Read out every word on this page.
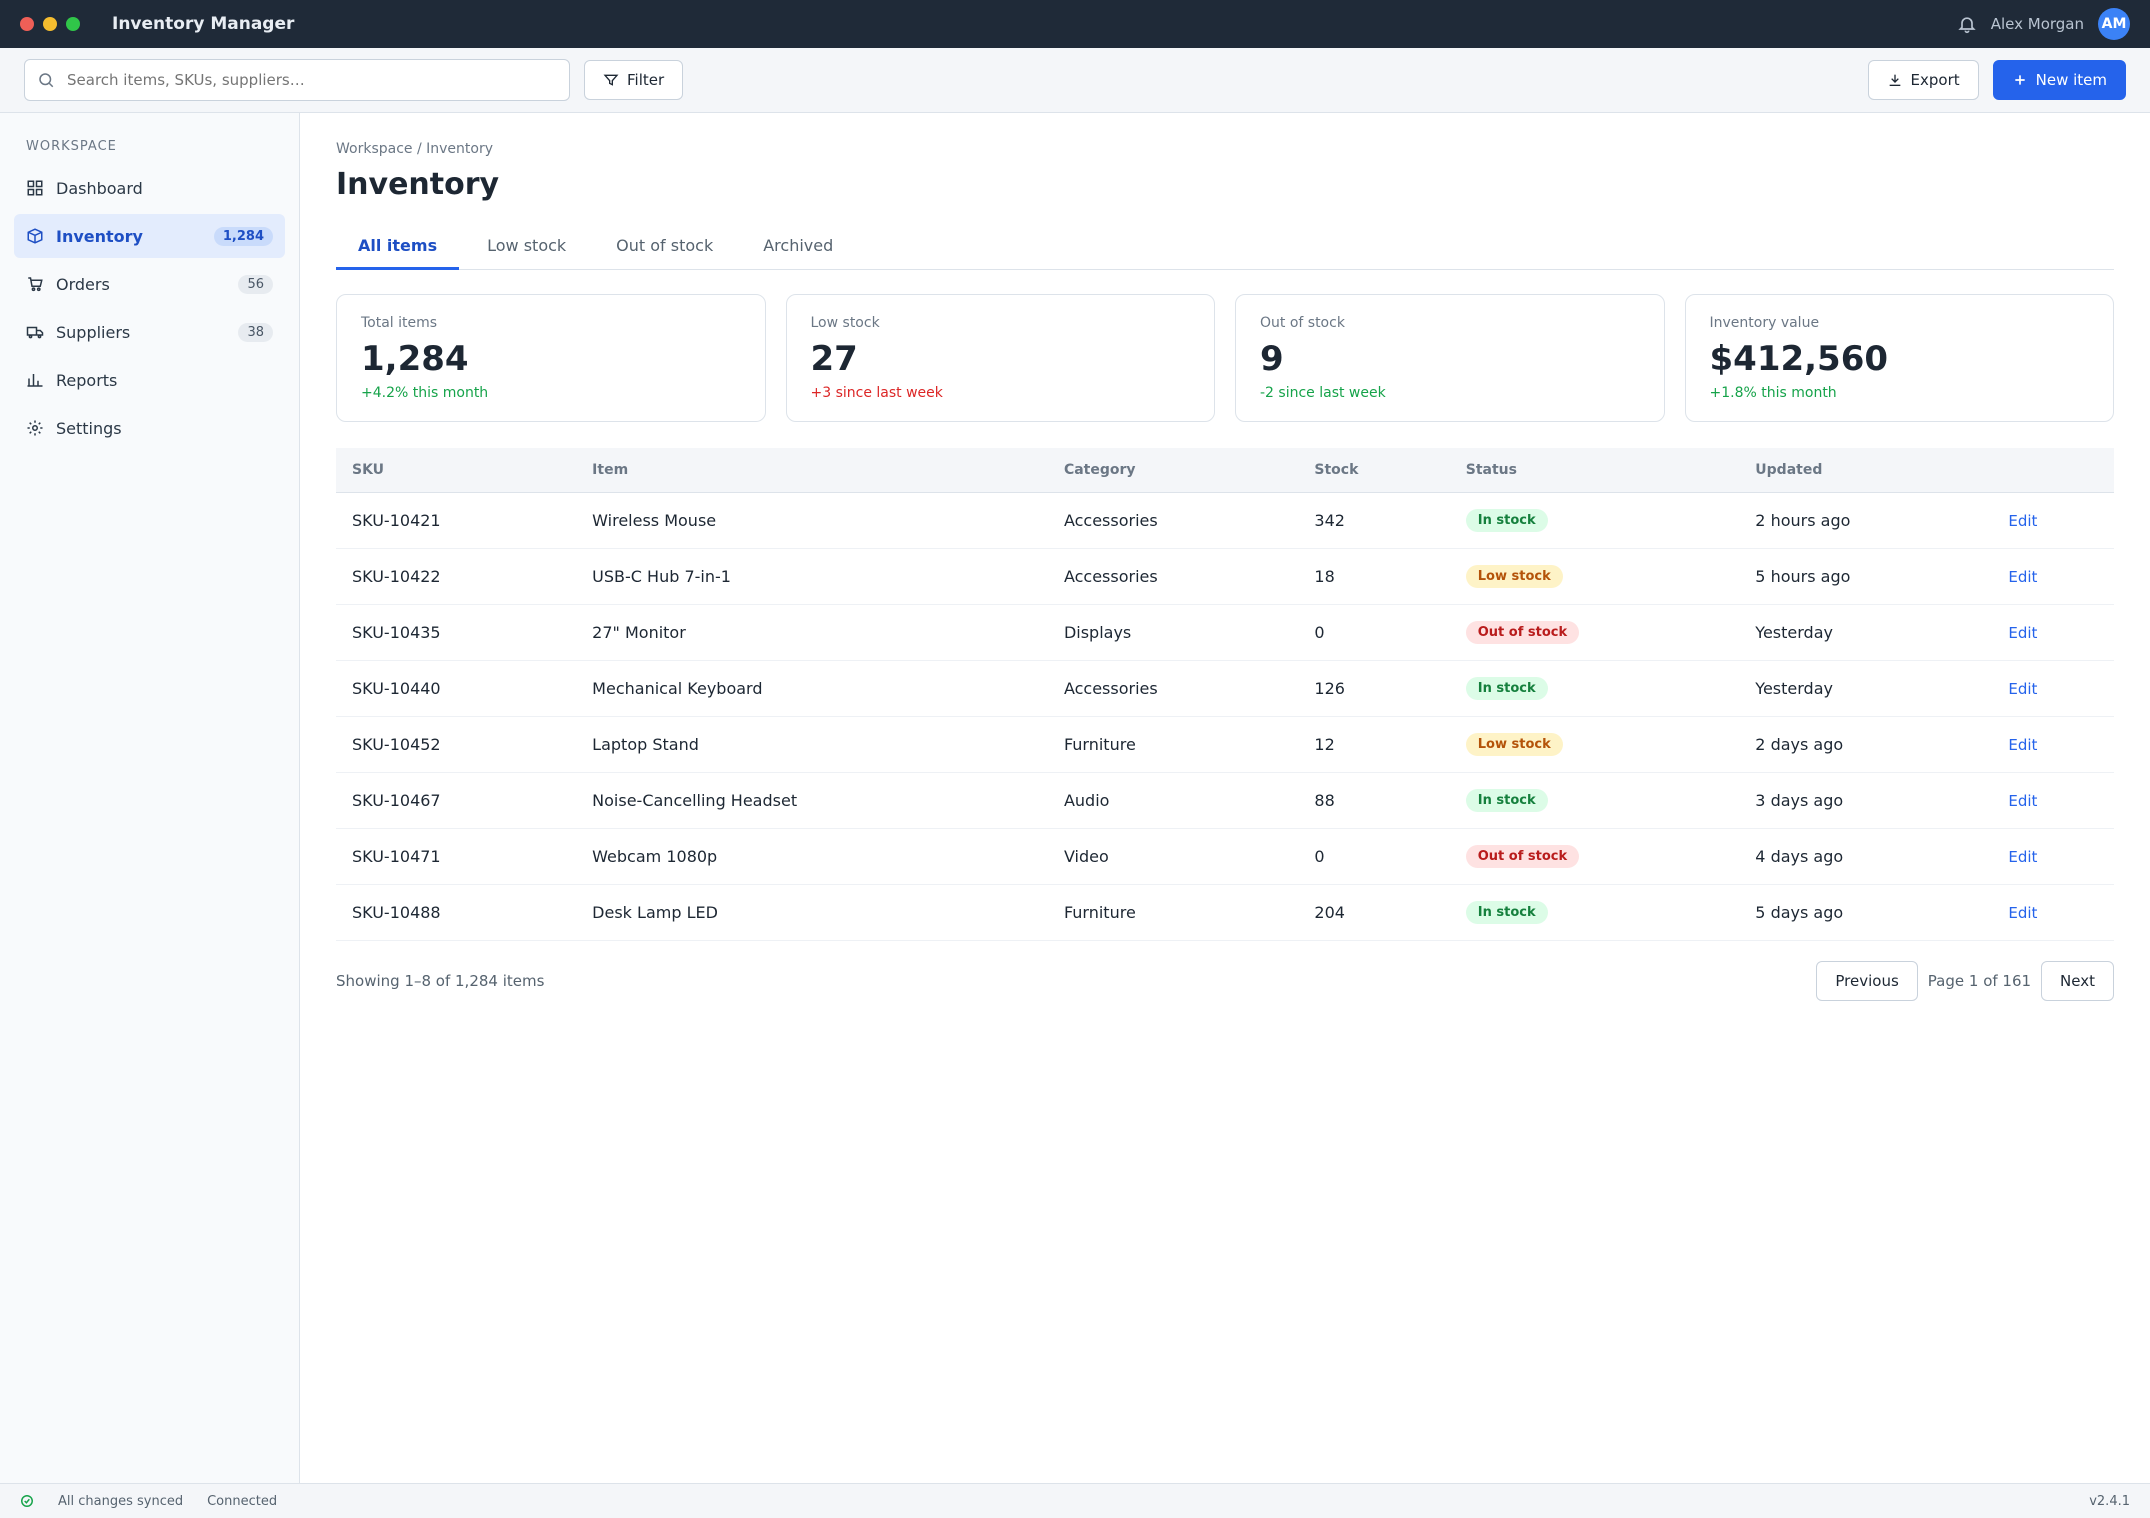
Inventory Manager	Alex Morgan AM
Search items, SKUs, suppliers…
Filter	Export	New item
WORKSPACE
Dashboard
Inventory	1,284
Orders	56
Suppliers	38
Reports
Settings
Workspace / Inventory
Inventory
All items	Low stock	Out of stock	Archived
Total items
1,284
+4.2% this month
Low stock
27
+3 since last week
Out of stock
9
-2 since last week
Inventory value
$412,560
+1.8% this month
SKU	Item	Category	Stock	Status	Updated	
SKU-10421	Wireless Mouse	Accessories	342	In stock	2 hours ago	Edit
SKU-10422	USB-C Hub 7-in-1	Accessories	18	Low stock	5 hours ago	Edit
SKU-10435	27" Monitor	Displays	0	Out of stock	Yesterday	Edit
SKU-10440	Mechanical Keyboard	Accessories	126	In stock	Yesterday	Edit
SKU-10452	Laptop Stand	Furniture	12	Low stock	2 days ago	Edit
SKU-10467	Noise-Cancelling Headset	Audio	88	In stock	3 days ago	Edit
SKU-10471	Webcam 1080p	Video	0	Out of stock	4 days ago	Edit
SKU-10488	Desk Lamp LED	Furniture	204	In stock	5 days ago	Edit
Showing 1–8 of 1,284 items	Previous	Page 1 of 161	Next
All changes synced Connected	v2.4.1
